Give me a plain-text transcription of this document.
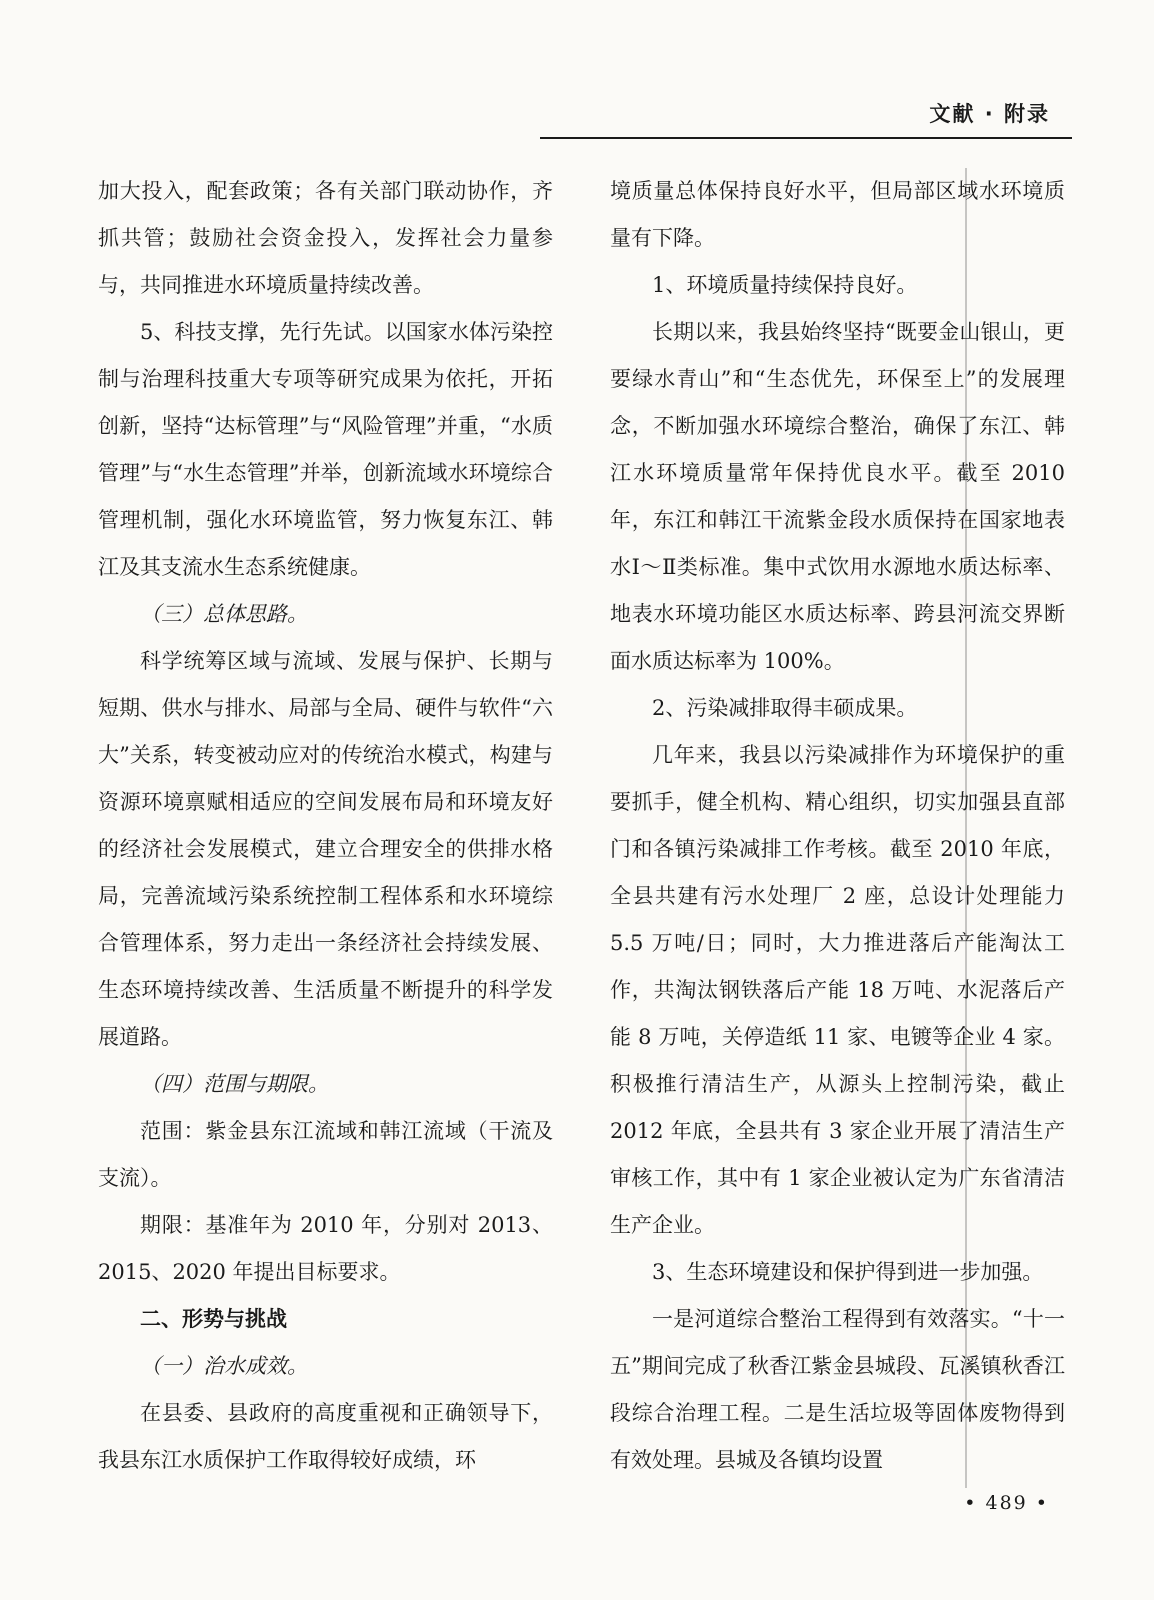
文献 · 附录

加大投入，配套政策；各有关部门联动协作，齐抓共管；鼓励社会资金投入，发挥社会力量参与，共同推进水环境质量持续改善。

5、科技支撑，先行先试。以国家水体污染控制与治理科技重大专项等研究成果为依托，开拓创新，坚持“达标管理”与“风险管理”并重，“水质管理”与“水生态管理”并举，创新流域水环境综合管理机制，强化水环境监管，努力恢复东江、韩江及其支流水生态系统健康。

（三）总体思路。

科学统筹区域与流域、发展与保护、长期与短期、供水与排水、局部与全局、硬件与软件“六大”关系，转变被动应对的传统治水模式，构建与资源环境禀赋相适应的空间发展布局和环境友好的经济社会发展模式，建立合理安全的供排水格局，完善流域污染系统控制工程体系和水环境综合管理体系，努力走出一条经济社会持续发展、生态环境持续改善、生活质量不断提升的科学发展道路。

（四）范围与期限。

范围：紫金县东江流域和韩江流域（干流及支流）。

期限：基准年为 2010 年，分别对 2013、2015、2020 年提出目标要求。

二、形势与挑战

（一）治水成效。

在县委、县政府的高度重视和正确领导下，我县东江水质保护工作取得较好成绩，环

境质量总体保持良好水平，但局部区域水环境质量有下降。

1、环境质量持续保持良好。

长期以来，我县始终坚持“既要金山银山，更要绿水青山”和“生态优先，环保至上”的发展理念，不断加强水环境综合整治，确保了东江、韩江水环境质量常年保持优良水平。截至 2010 年，东江和韩江干流紫金段水质保持在国家地表水Ⅰ～Ⅱ类标准。集中式饮用水源地水质达标率、地表水环境功能区水质达标率、跨县河流交界断面水质达标率为 100%。

2、污染减排取得丰硕成果。

几年来，我县以污染减排作为环境保护的重要抓手，健全机构、精心组织，切实加强县直部门和各镇污染减排工作考核。截至 2010 年底，全县共建有污水处理厂 2 座，总设计处理能力 5.5 万吨/日；同时，大力推进落后产能淘汰工作，共淘汰钢铁落后产能 18 万吨、水泥落后产能 8 万吨，关停造纸 11 家、电镀等企业 4 家。积极推行清洁生产，从源头上控制污染，截止 2012 年底，全县共有 3 家企业开展了清洁生产审核工作，其中有 1 家企业被认定为广东省清洁生产企业。

3、生态环境建设和保护得到进一步加强。

一是河道综合整治工程得到有效落实。“十一五”期间完成了秋香江紫金县城段、瓦溪镇秋香江段综合治理工程。二是生活垃圾等固体废物得到有效处理。县城及各镇均设置

• 489 •
